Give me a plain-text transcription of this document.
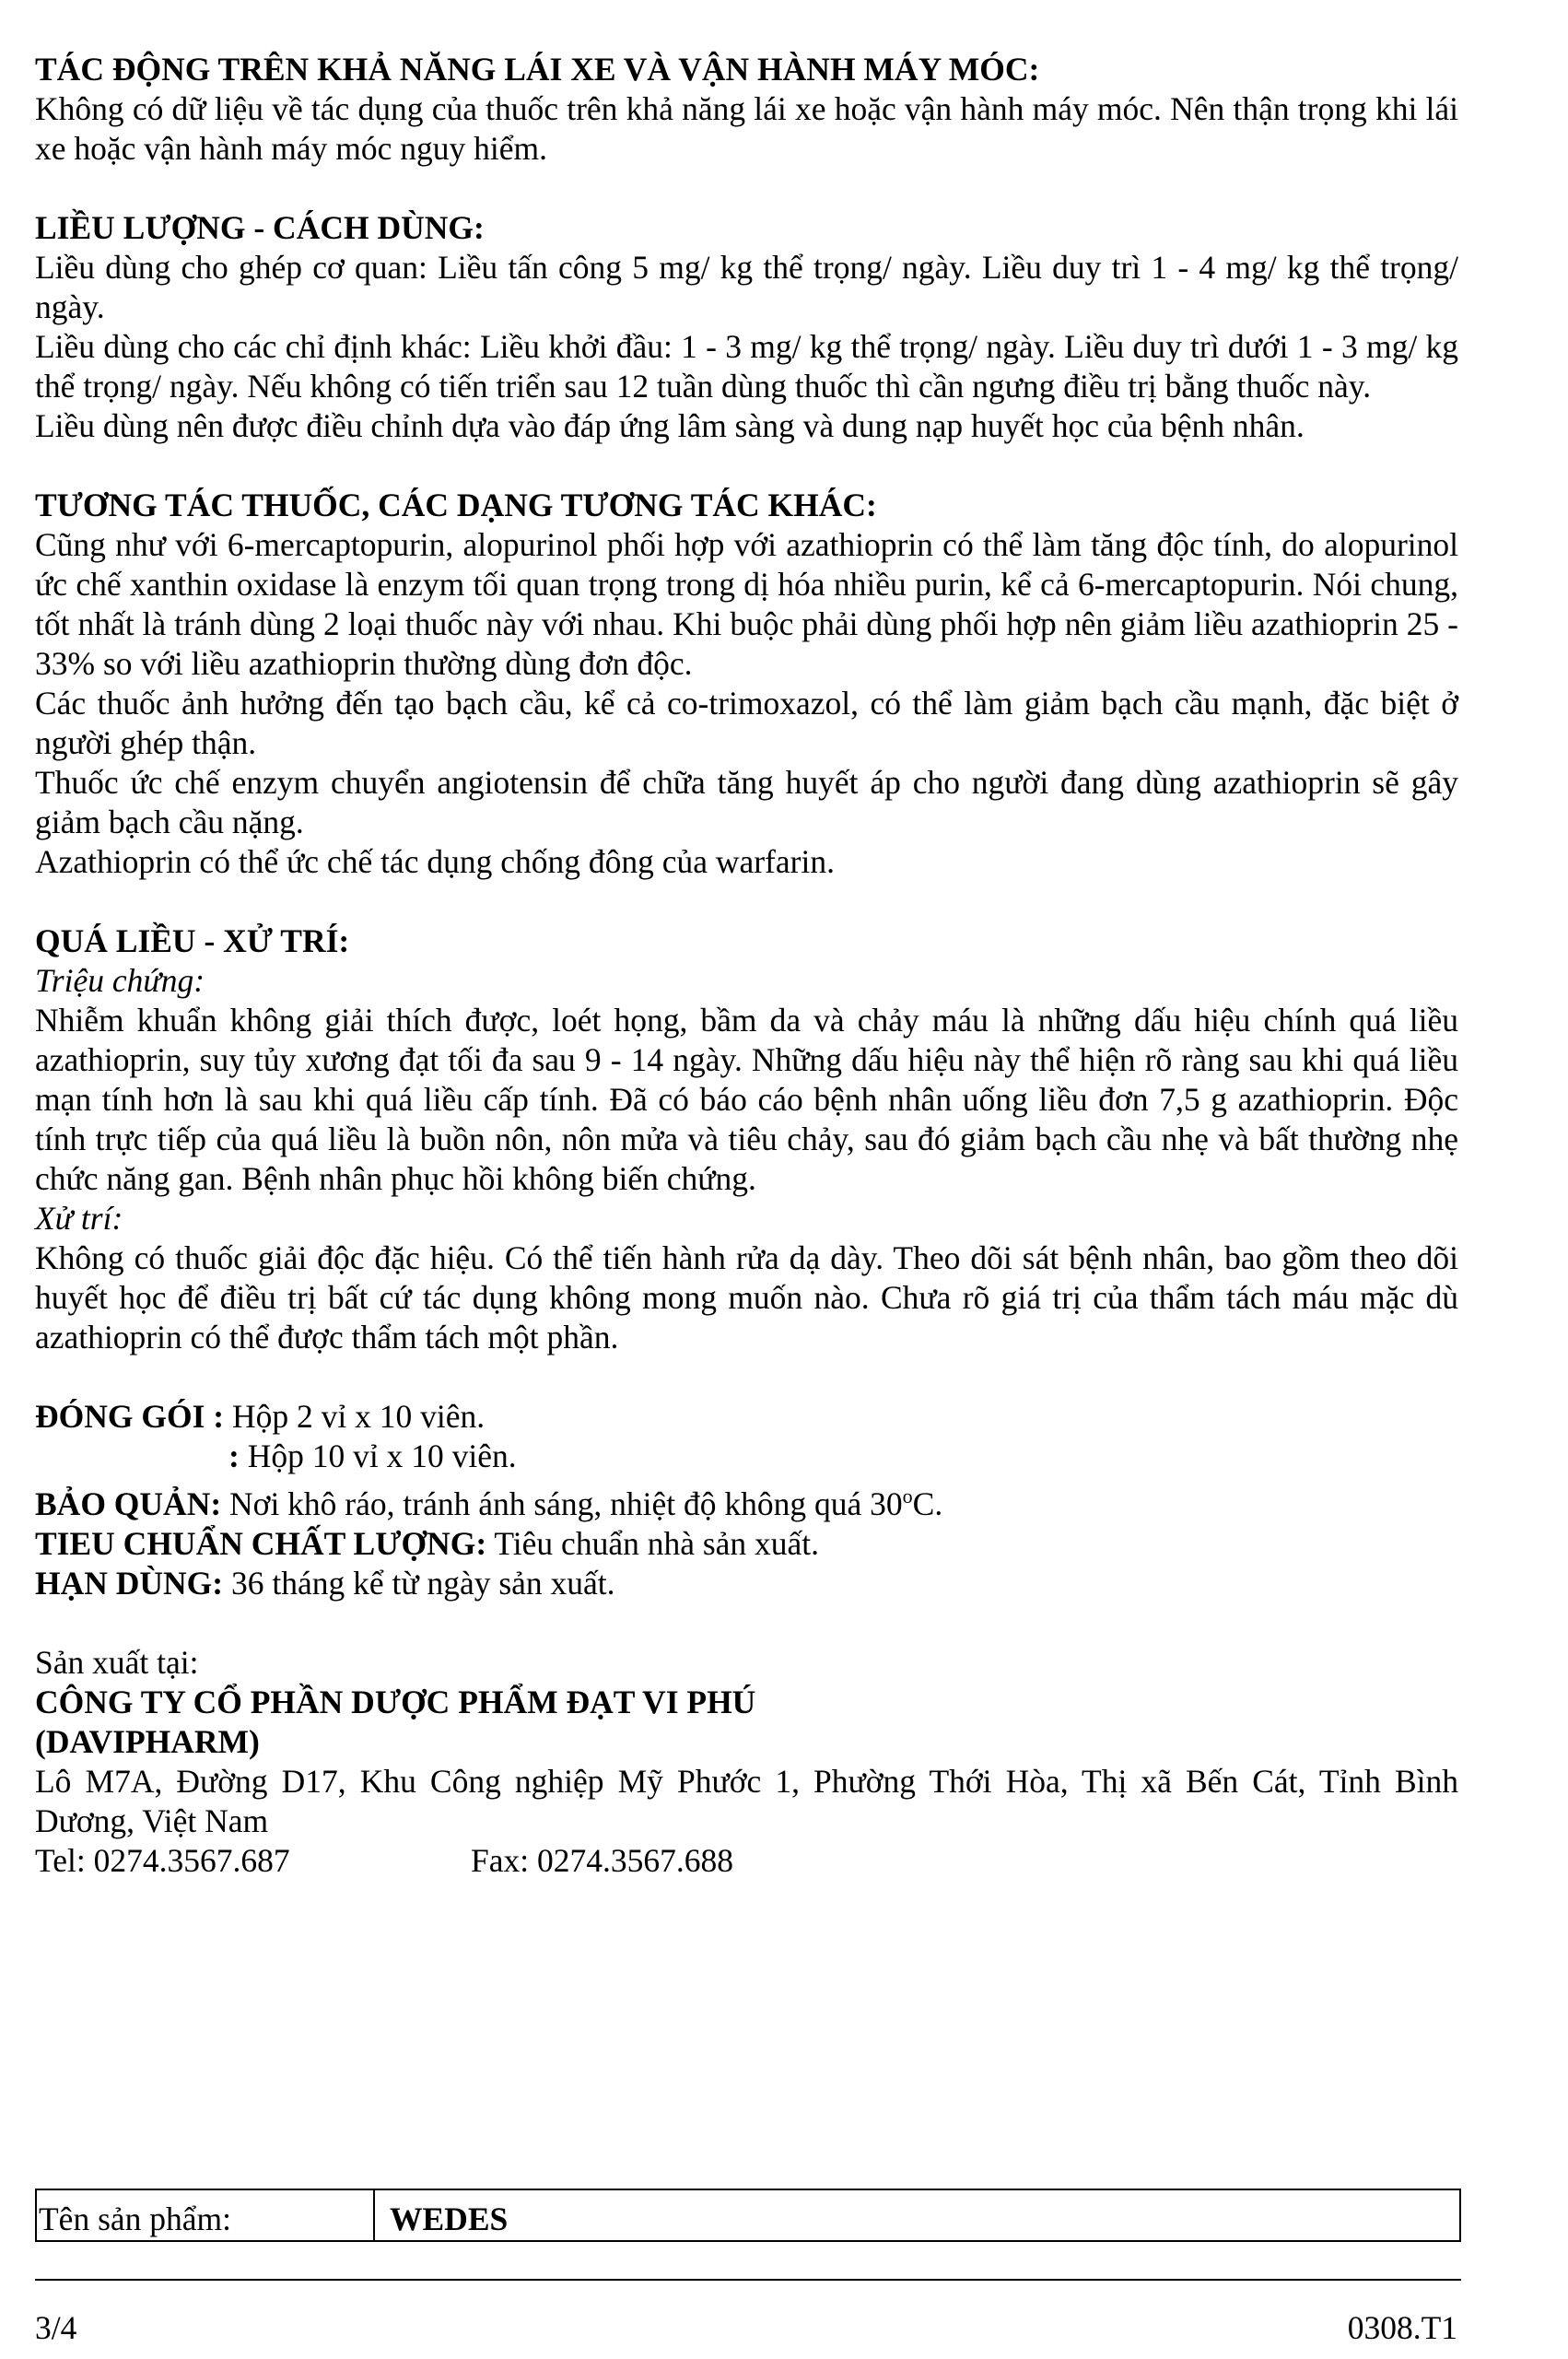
TÁC ĐỘNG TRÊN KHẢ NĂNG LÁI XE VÀ VẬN HÀNH MÁY MÓC:

Không có dữ liệu về tác dụng của thuốc trên khả năng lái xe hoặc vận hành máy móc. Nên thận trọng khi lái xe hoặc vận hành máy móc nguy hiểm.

LIỀU LƯỢNG - CÁCH DÙNG:

Liều dùng cho ghép cơ quan: Liều tấn công 5 mg/ kg thể trọng/ ngày. Liều duy trì 1 - 4 mg/ kg thể trọng/ ngày.

Liều dùng cho các chỉ định khác: Liều khởi đầu: 1 - 3 mg/ kg thể trọng/ ngày. Liều duy trì dưới 1 - 3 mg/ kg thể trọng/ ngày. Nếu không có tiến triển sau 12 tuần dùng thuốc thì cần ngưng điều trị bằng thuốc này.

Liều dùng nên được điều chỉnh dựa vào đáp ứng lâm sàng và dung nạp huyết học của bệnh nhân.

TƯƠNG TÁC THUỐC, CÁC DẠNG TƯƠNG TÁC KHÁC:

Cũng như với 6-mercaptopurin, alopurinol phối hợp với azathioprin có thể làm tăng độc tính, do alopurinol ức chế xanthin oxidase là enzym tối quan trọng trong dị hóa nhiều purin, kể cả 6-mercaptopurin. Nói chung, tốt nhất là tránh dùng 2 loại thuốc này với nhau. Khi buộc phải dùng phối hợp nên giảm liều azathioprin 25 - 33% so với liều azathioprin thường dùng đơn độc.

Các thuốc ảnh hưởng đến tạo bạch cầu, kể cả co-trimoxazol, có thể làm giảm bạch cầu mạnh, đặc biệt ở người ghép thận.

Thuốc ức chế enzym chuyển angiotensin để chữa tăng huyết áp cho người đang dùng azathioprin sẽ gây giảm bạch cầu nặng.

Azathioprin có thể ức chế tác dụng chống đông của warfarin.

QUÁ LIỀU - XỬ TRÍ:

Triệu chứng:

Nhiễm khuẩn không giải thích được, loét họng, bầm da và chảy máu là những dấu hiệu chính quá liều azathioprin, suy tủy xương đạt tối đa sau 9 - 14 ngày. Những dấu hiệu này thể hiện rõ ràng sau khi quá liều mạn tính hơn là sau khi quá liều cấp tính. Đã có báo cáo bệnh nhân uống liều đơn 7,5 g azathioprin. Độc tính trực tiếp của quá liều là buồn nôn, nôn mửa và tiêu chảy, sau đó giảm bạch cầu nhẹ và bất thường nhẹ chức năng gan. Bệnh nhân phục hồi không biến chứng.

Xử trí:

Không có thuốc giải độc đặc hiệu. Có thể tiến hành rửa dạ dày. Theo dõi sát bệnh nhân, bao gồm theo dõi huyết học để điều trị bất cứ tác dụng không mong muốn nào. Chưa rõ giá trị của thẩm tách máu mặc dù azathioprin có thể được thẩm tách một phần.

ĐÓNG GÓI :
Hộp 2 vỉ x 10 viên.
:
Hộp 10 vỉ x 10 viên.
BẢO QUẢN: Nơi khô ráo, tránh ánh sáng, nhiệt độ không quá 30$^o$C.
TIEU CHUẨN CHẤT LƯỢNG: Tiêu chuẩn nhà sản xuất.
HẠN DÙNG: 36 tháng kể từ ngày sản xuất.

Sản xuất tại:

CÔNG TY CỔ PHẦN DƯỢC PHẨM ĐẠT VI PHÚ

(DAVIPHARM)

Lô M7A, Đường D17, Khu Công nghiệp Mỹ Phước 1, Phường Thới Hòa, Thị xã Bến Cát, Tỉnh Bình Dương, Việt Nam

Tel: 0274.3567.687	Fax: 0274.3567.688
Tên sản phẩm:	WEDES
3/4	0308.T1
